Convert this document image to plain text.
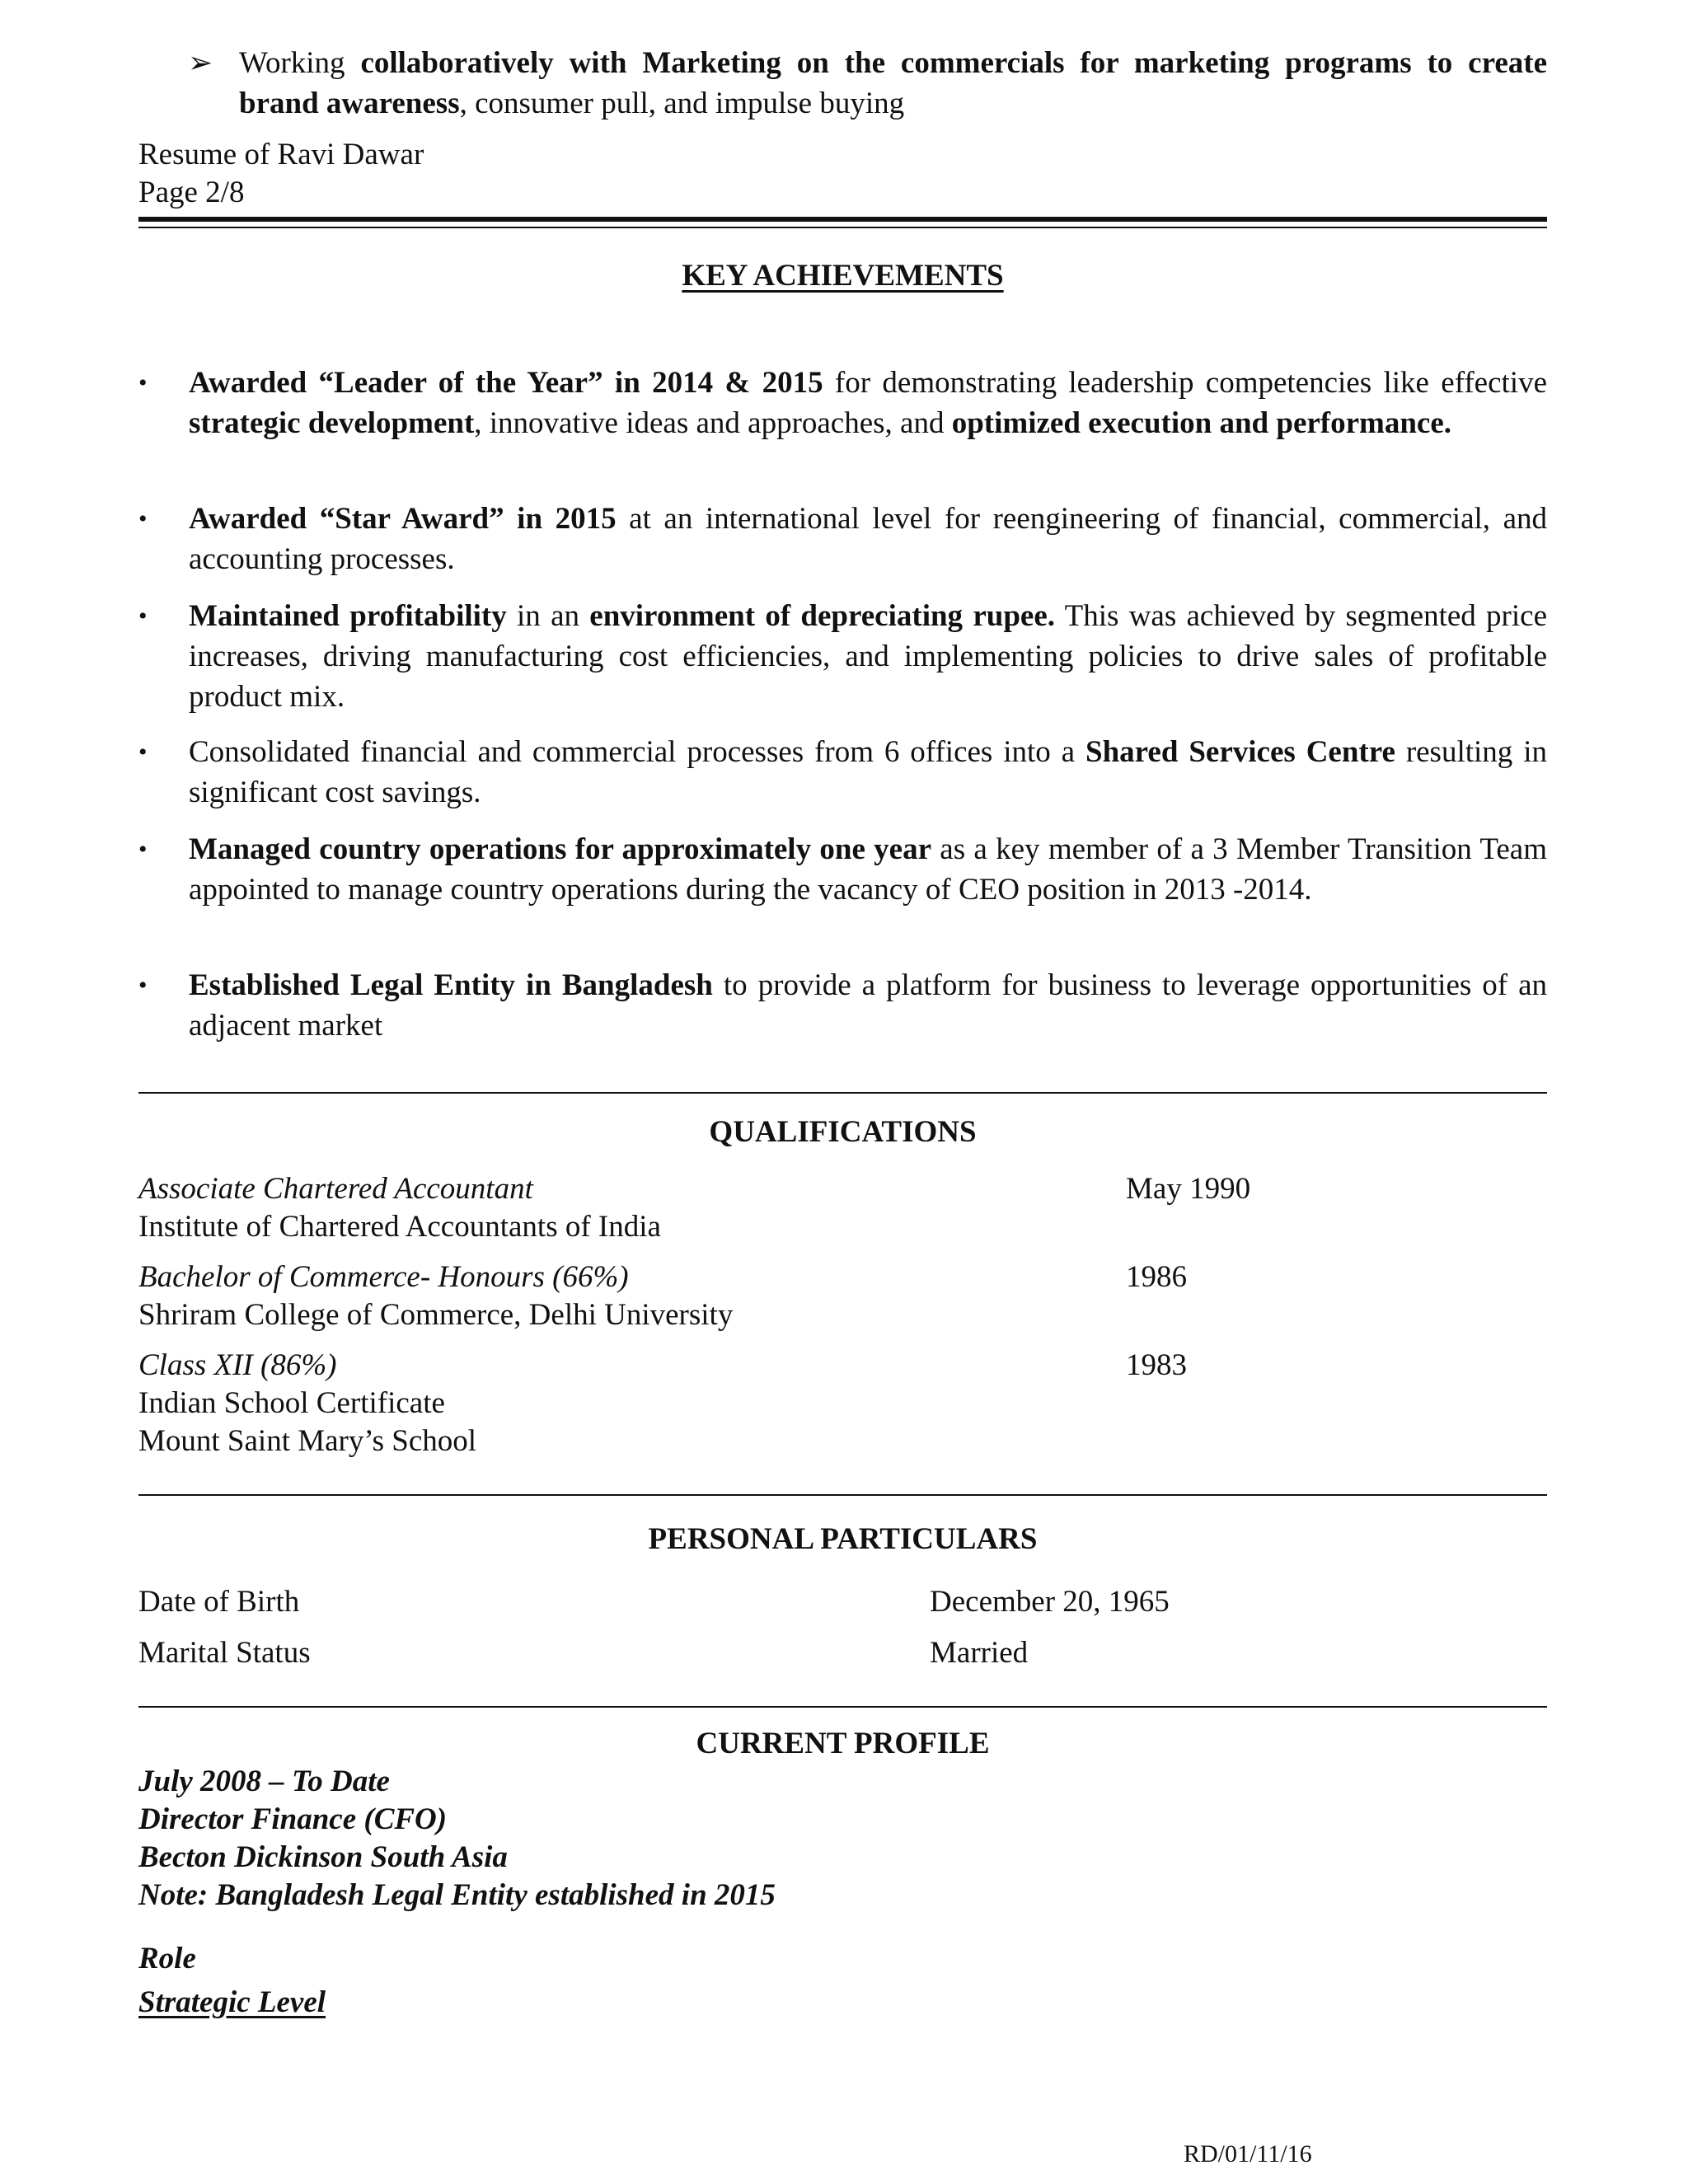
➢ Working collaboratively with Marketing on the commercials for marketing programs to create brand awareness, consumer pull, and impulse buying
Resume of Ravi Dawar
Page 2/8
KEY ACHIEVEMENTS
• Awarded “Leader of the Year” in 2014 & 2015 for demonstrating leadership competencies like effective strategic development, innovative ideas and approaches, and optimized execution and performance.
• Awarded “Star Award” in 2015 at an international level for reengineering of financial, commercial, and accounting processes.
• Maintained profitability in an environment of depreciating rupee. This was achieved by segmented price increases, driving manufacturing cost efficiencies, and implementing policies to drive sales of profitable product mix.
• Consolidated financial and commercial processes from 6 offices into a Shared Services Centre resulting in significant cost savings.
• Managed country operations for approximately one year as a key member of a 3 Member Transition Team appointed to manage country operations during the vacancy of CEO position in 2013 -2014.
• Established Legal Entity in Bangladesh to provide a platform for business to leverage opportunities of an adjacent market
QUALIFICATIONS
Associate Chartered Accountant
Institute of Chartered Accountants of India
May 1990
Bachelor of Commerce- Honours (66%)
Shriram College of Commerce, Delhi University
1986
Class XII (86%)
Indian School Certificate
Mount Saint Mary’s School
1983
PERSONAL PARTICULARS
Date of Birth	December 20, 1965
Marital Status	Married
CURRENT PROFILE
July 2008 – To Date
Director Finance (CFO)
Becton Dickinson South Asia
Note: Bangladesh Legal Entity established in 2015
Role
Strategic Level
RD/01/11/16
